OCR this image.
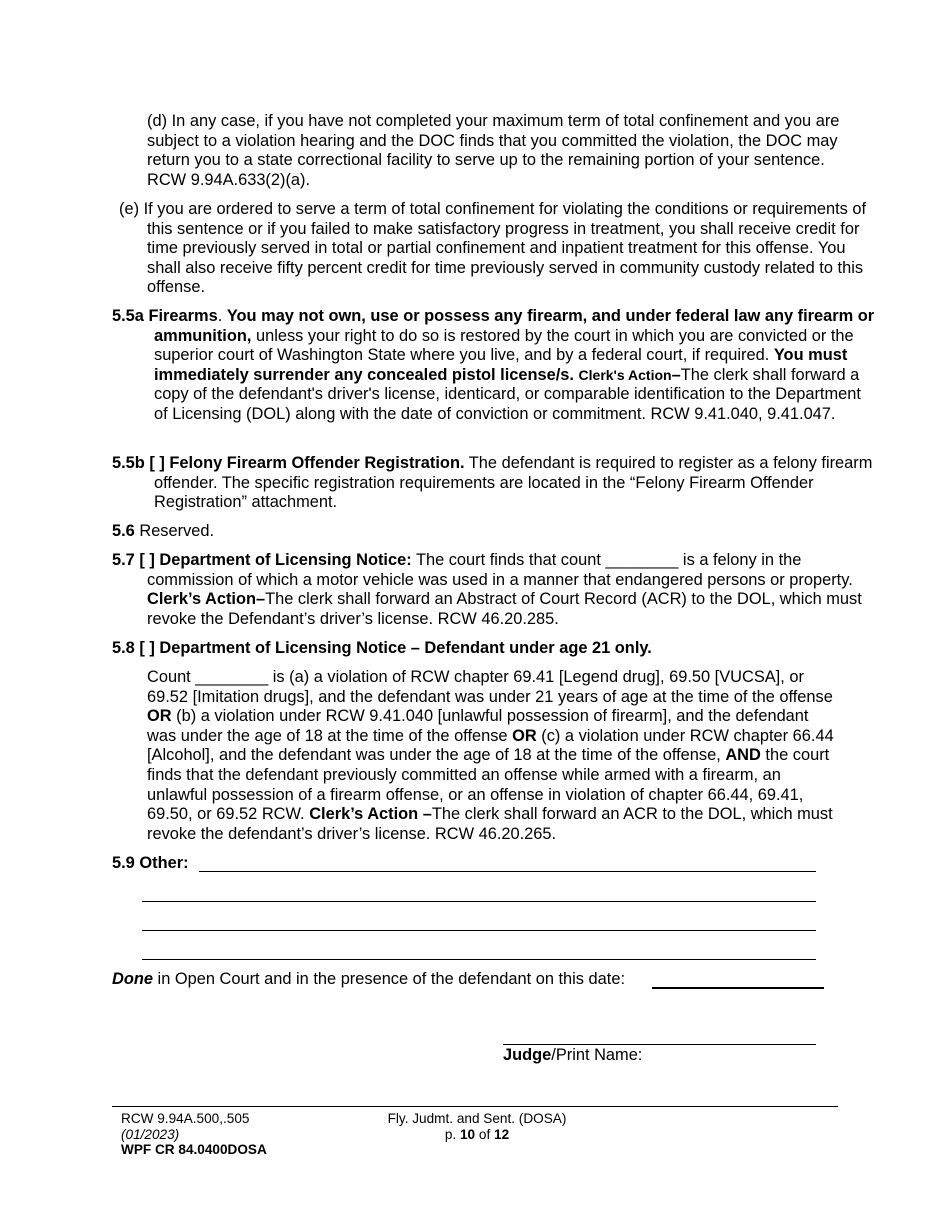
(d) In any case, if you have not completed your maximum term of total confinement and you are subject to a violation hearing and the DOC finds that you committed the violation, the DOC may return you to a state correctional facility to serve up to the remaining portion of your sentence. RCW 9.94A.633(2)(a).
(e) If you are ordered to serve a term of total confinement for violating the conditions or requirements of this sentence or if you failed to make satisfactory progress in treatment, you shall receive credit for time previously served in total or partial confinement and inpatient treatment for this offense. You shall also receive fifty percent credit for time previously served in community custody related to this offense.
5.5a Firearms. You may not own, use or possess any firearm, and under federal law any firearm or ammunition, unless your right to do so is restored by the court in which you are convicted or the superior court of Washington State where you live, and by a federal court, if required. You must immediately surrender any concealed pistol license/s. Clerk's Action–The clerk shall forward a copy of the defendant's driver's license, identicard, or comparable identification to the Department of Licensing (DOL) along with the date of conviction or commitment. RCW 9.41.040, 9.41.047.
5.5b [ ] Felony Firearm Offender Registration. The defendant is required to register as a felony firearm offender. The specific registration requirements are located in the “Felony Firearm Offender Registration” attachment.
5.6 Reserved.
5.7 [ ] Department of Licensing Notice: The court finds that count ________ is a felony in the commission of which a motor vehicle was used in a manner that endangered persons or property. Clerk’s Action–The clerk shall forward an Abstract of Court Record (ACR) to the DOL, which must revoke the Defendant’s driver’s license. RCW 46.20.285.
5.8 [ ] Department of Licensing Notice – Defendant under age 21 only.
Count ________ is (a) a violation of RCW chapter 69.41 [Legend drug], 69.50 [VUCSA], or 69.52 [Imitation drugs], and the defendant was under 21 years of age at the time of the offense OR (b) a violation under RCW 9.41.040 [unlawful possession of firearm], and the defendant was under the age of 18 at the time of the offense OR (c) a violation under RCW chapter 66.44 [Alcohol], and the defendant was under the age of 18 at the time of the offense, AND the court finds that the defendant previously committed an offense while armed with a firearm, an unlawful possession of a firearm offense, or an offense in violation of chapter 66.44, 69.41, 69.50, or 69.52 RCW. Clerk’s Action –The clerk shall forward an ACR to the DOL, which must revoke the defendant’s driver’s license. RCW 46.20.265.
5.9 Other:
Done in Open Court and in the presence of the defendant on this date:
Judge/Print Name:
RCW 9.94A.500,.505
(01/2023)
WPF CR 84.0400DOSA
Fly. Judmt. and Sent. (DOSA)
p. 10 of 12
